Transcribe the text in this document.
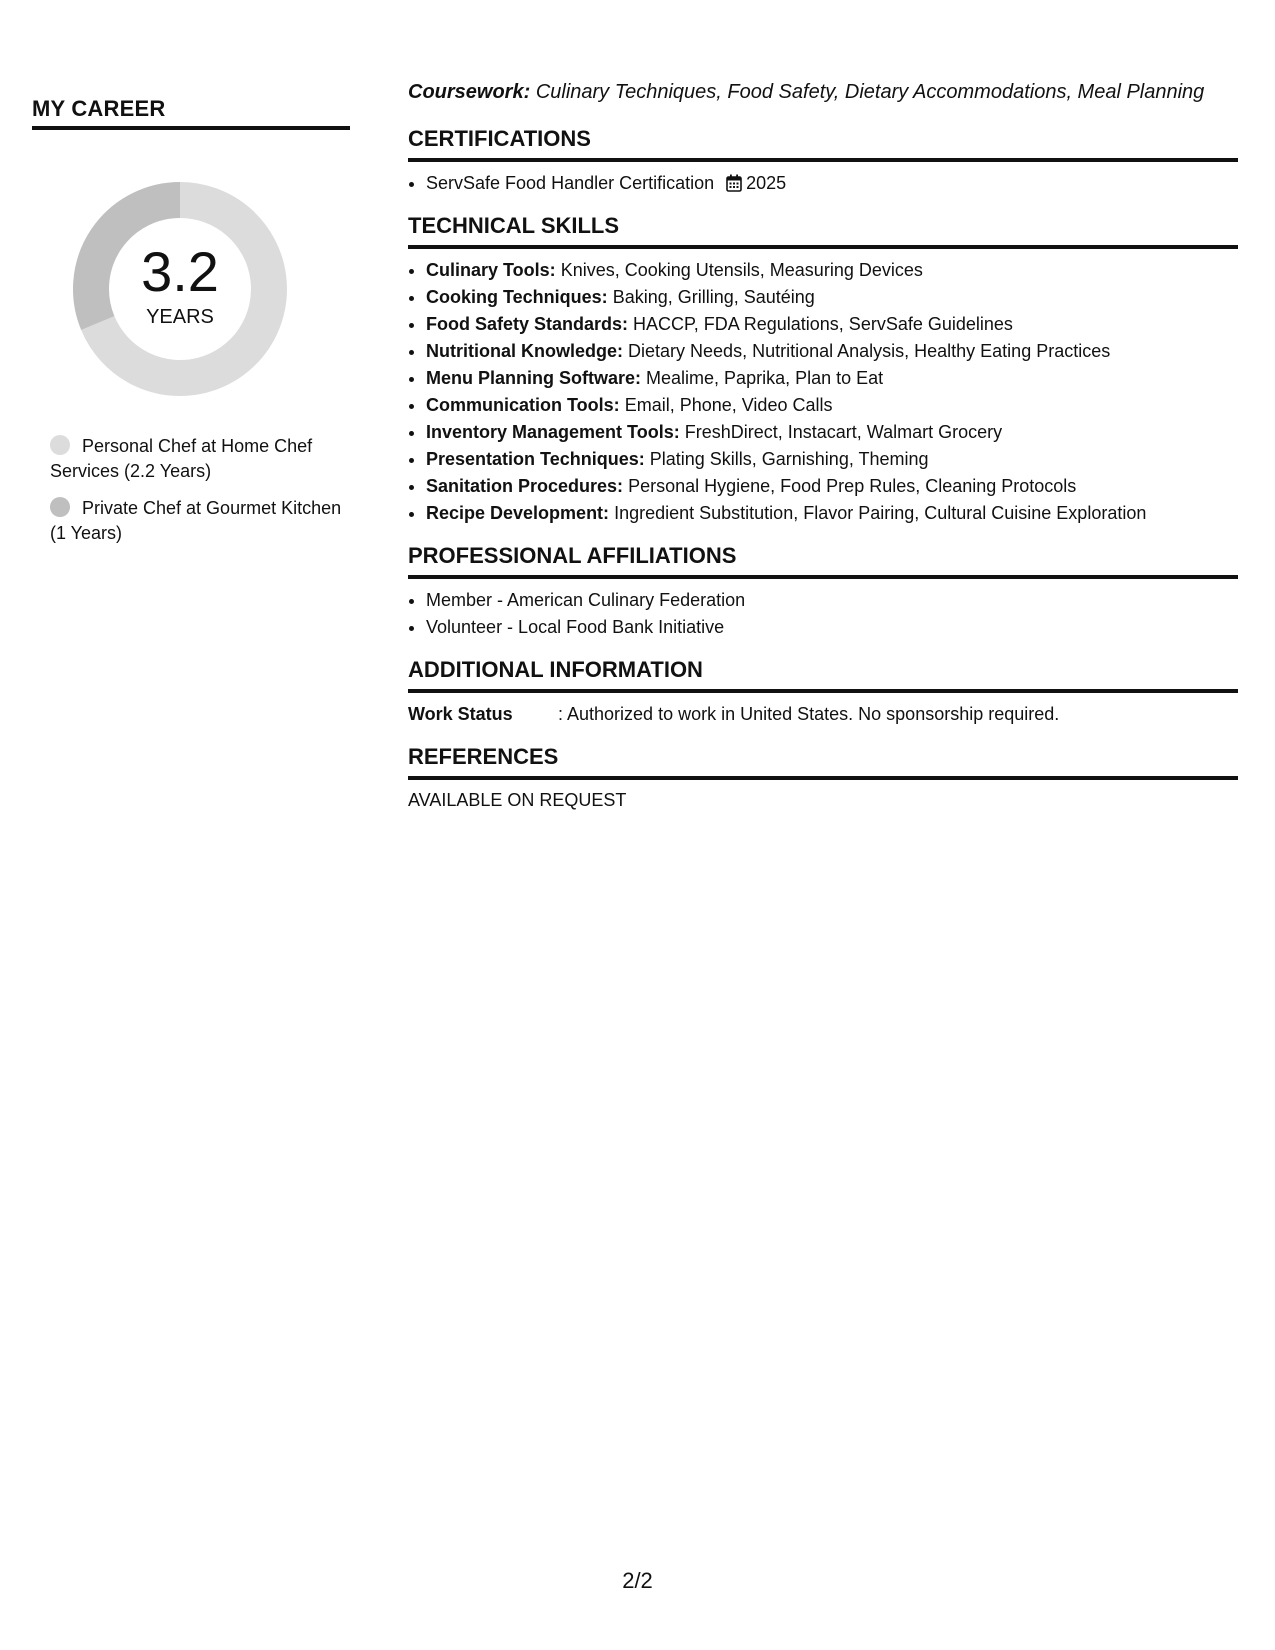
MY CAREER
3.2
YEARS
Personal Chef at Home Chef Services (2.2 Years)
Private Chef at Gourmet Kitchen (1 Years)

Coursework: Culinary Techniques, Food Safety, Dietary Accommodations, Meal Planning

CERTIFICATIONS
• ServSafe Food Handler Certification 2025
TECHNICAL SKILLS
• Culinary Tools: Knives, Cooking Utensils, Measuring Devices
• Cooking Techniques: Baking, Grilling, Sautéing
• Food Safety Standards: HACCP, FDA Regulations, ServSafe Guidelines
• Nutritional Knowledge: Dietary Needs, Nutritional Analysis, Healthy Eating Practices
• Menu Planning Software: Mealime, Paprika, Plan to Eat
• Communication Tools: Email, Phone, Video Calls
• Inventory Management Tools: FreshDirect, Instacart, Walmart Grocery
• Presentation Techniques: Plating Skills, Garnishing, Theming
• Sanitation Procedures: Personal Hygiene, Food Prep Rules, Cleaning Protocols
• Recipe Development: Ingredient Substitution, Flavor Pairing, Cultural Cuisine Exploration
PROFESSIONAL AFFILIATIONS
• Member - American Culinary Federation
• Volunteer - Local Food Bank Initiative
ADDITIONAL INFORMATION
Work Status	: Authorized to work in United States. No sponsorship required.
REFERENCES

AVAILABLE ON REQUEST

2/2
